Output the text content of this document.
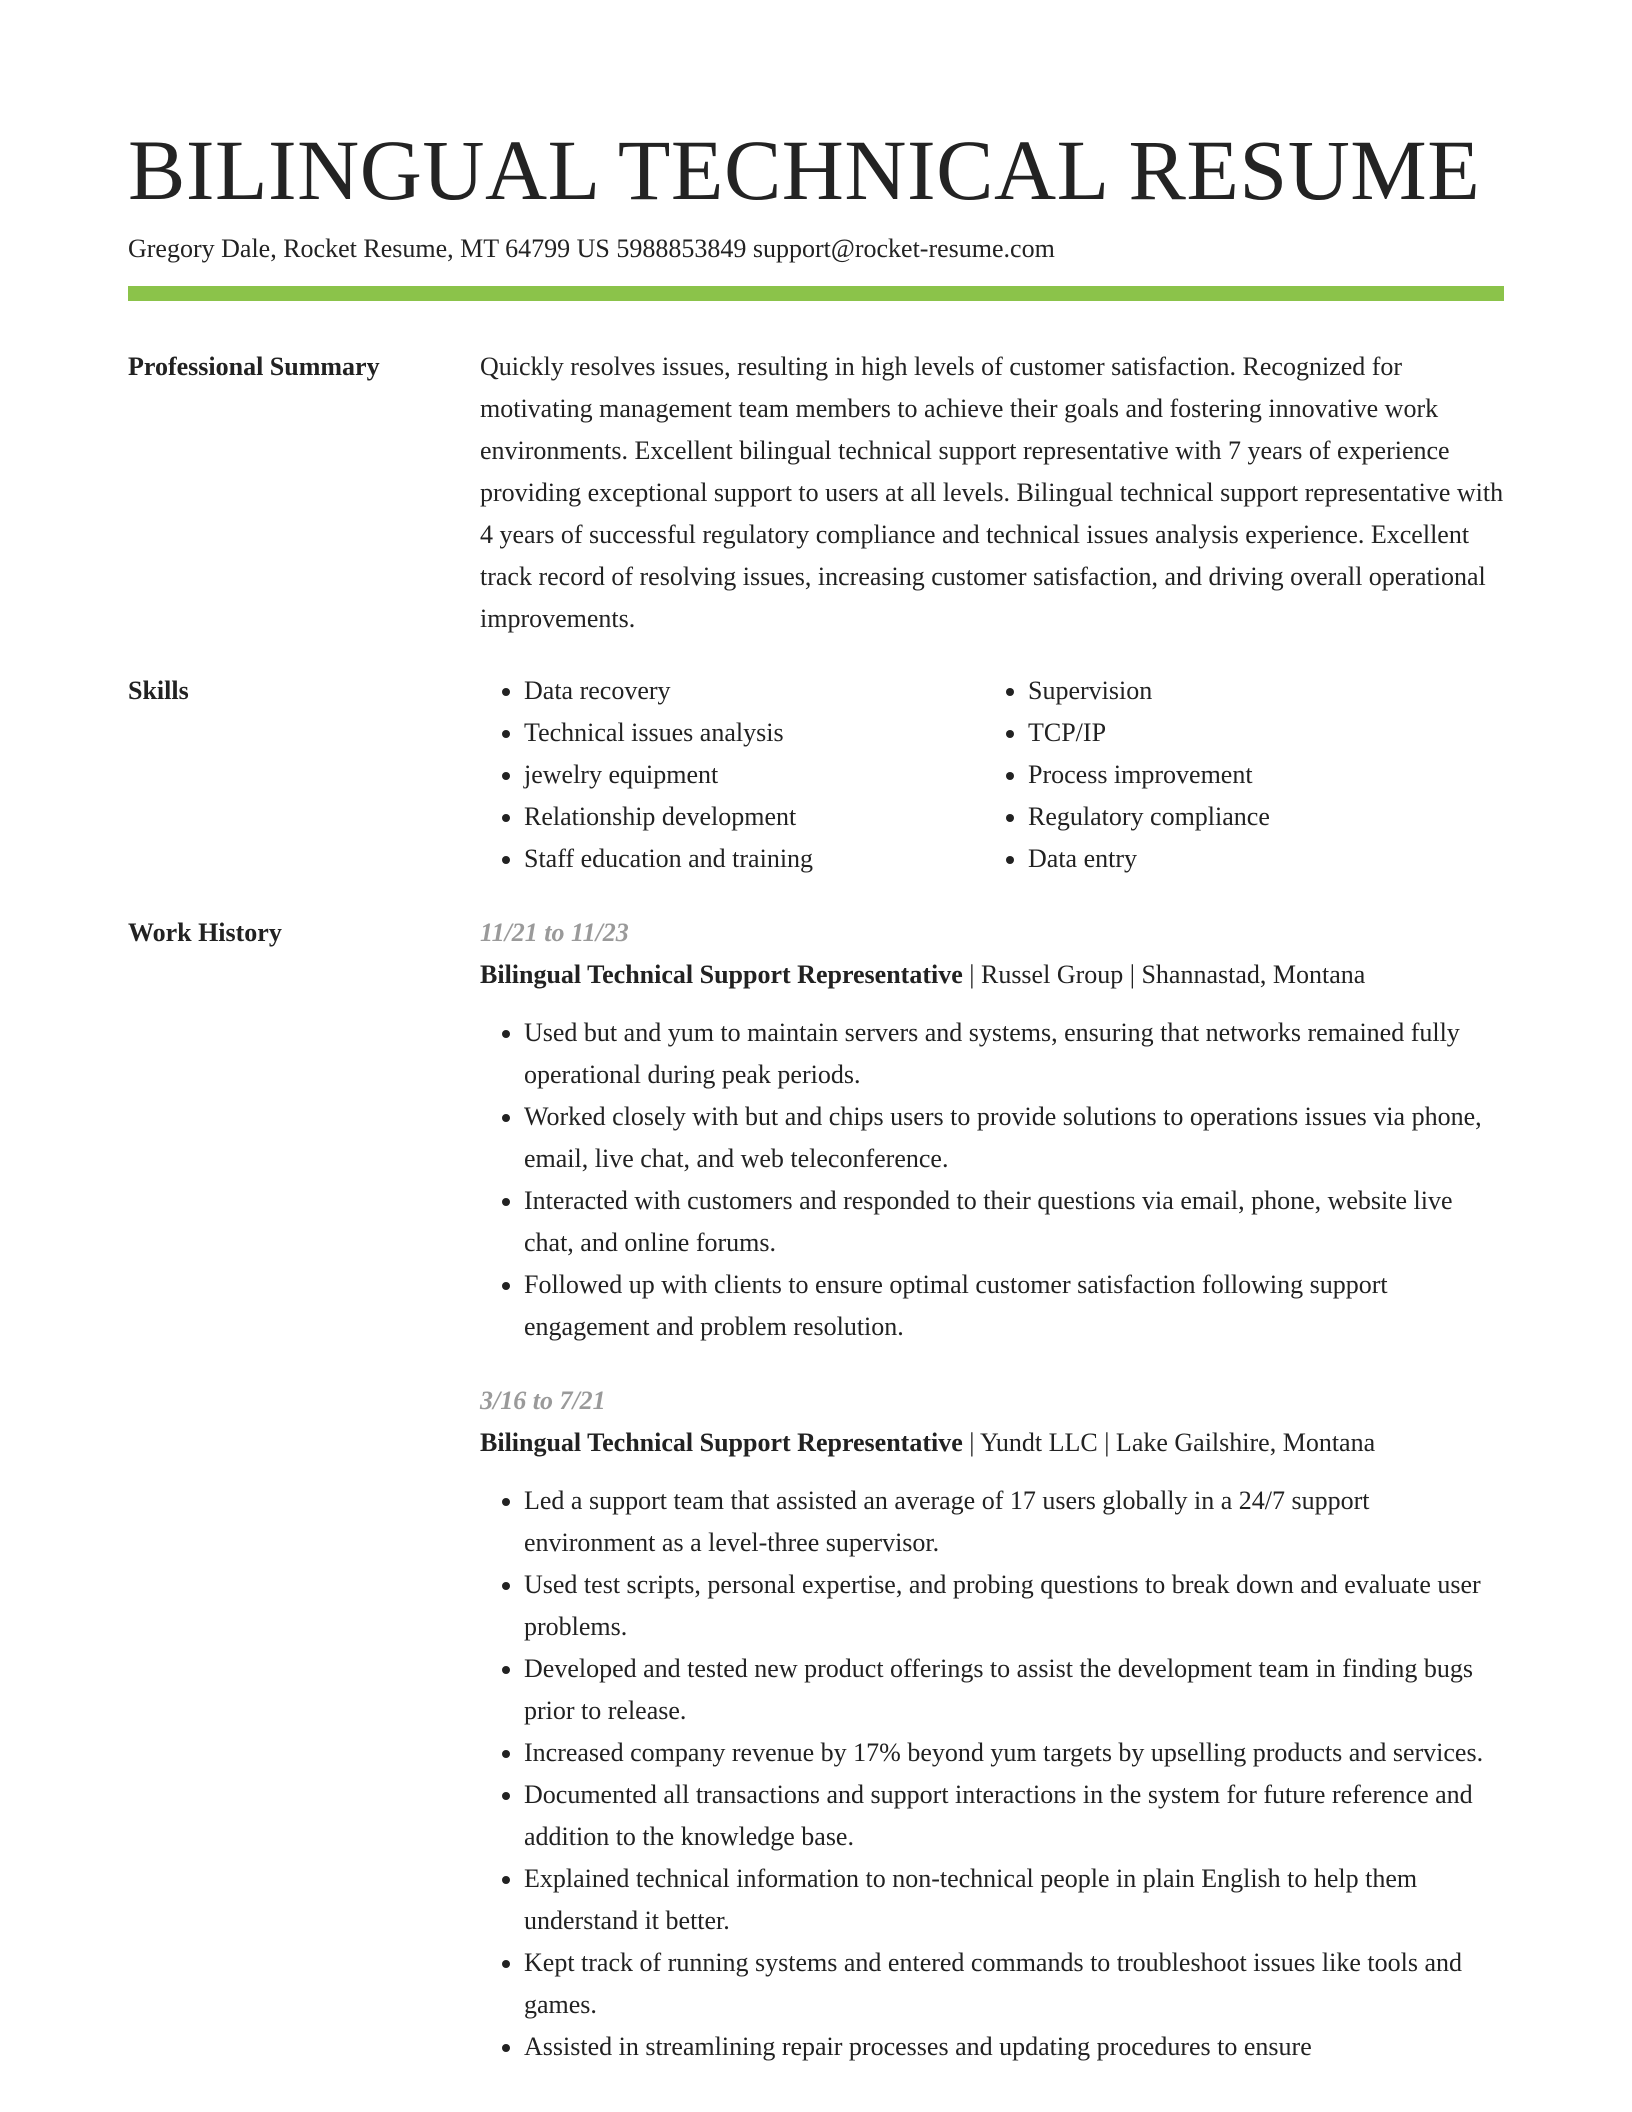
BILINGUAL TECHNICAL RESUME
Gregory Dale, Rocket Resume, MT 64799 US 5988853849 support@rocket-resume.com
Professional Summary	Quickly resolves issues, resulting in high levels of customer satisfaction. Recognized for motivating management team members to achieve their goals and fostering innovative work environments. Excellent bilingual technical support representative with 7 years of experience providing exceptional support to users at all levels. Bilingual technical support representative with 4 years of successful regulatory compliance and technical issues analysis experience. Excellent track record of resolving issues, increasing customer satisfaction, and driving overall operational improvements.

Skills
•	Data recovery
• Technical issues analysis
• jewelry equipment
• Relationship development
• Staff education and training
• Supervision
• TCP/IP
• Process improvement
• Regulatory compliance
• Data entry
Work History	11/21 to 11/23
Bilingual Technical Support Representative | Russel Group | Shannastad, Montana
• Used but and yum to maintain servers and systems, ensuring that networks remained fully operational during peak periods.
• Worked closely with but and chips users to provide solutions to operations issues via phone, email, live chat, and web teleconference.
• Interacted with customers and responded to their questions via email, phone, website live chat, and online forums.
• Followed up with clients to ensure optimal customer satisfaction following support engagement and problem resolution.
3/16 to 7/21
Bilingual Technical Support Representative | Yundt LLC | Lake Gailshire, Montana
• Led a support team that assisted an average of 17 users globally in a 24/7 support environment as a level-three supervisor.
• Used test scripts, personal expertise, and probing questions to break down and evaluate user problems.
• Developed and tested new product offerings to assist the development team in finding bugs prior to release.
• Increased company revenue by 17% beyond yum targets by upselling products and services.
• Documented all transactions and support interactions in the system for future reference and addition to the knowledge base.
• Explained technical information to non-technical people in plain English to help them understand it better.
• Kept track of running systems and entered commands to troubleshoot issues like tools and games.
• Assisted in streamlining repair processes and updating procedures to ensure
